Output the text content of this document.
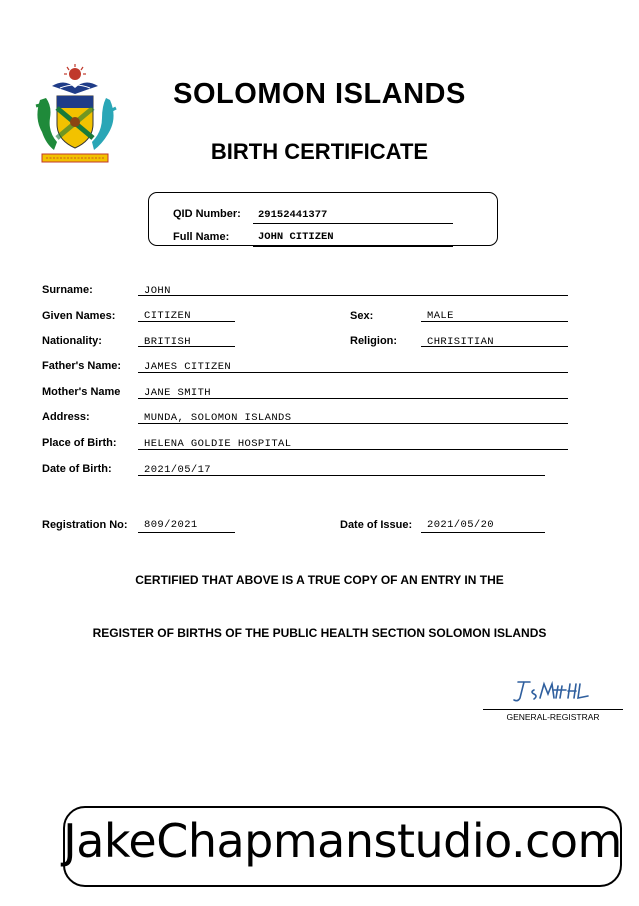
SOLOMON ISLANDS
BIRTH CERTIFICATE
QID Number: 29152441377
Full Name:	JOHN CITIZEN
Surname:	JOHN
Given Names:	CITIZEN	Sex:	MALE
Nationality:	BRITISH	Religion:	CHRISITIAN
Father's Name: JAMES CITIZEN
Mother's Name JANE SMITH
Address:	MUNDA, SOLOMON ISLANDS
Place of Birth:	HELENA GOLDIE HOSPITAL
Date of Birth:	2021/05/17
Registration No: 809/2021	Date of Issue: 2021/05/20
CERTIFIED THAT ABOVE IS A TRUE COPY OF AN ENTRY IN THE
REGISTER OF BIRTHS OF THE PUBLIC HEALTH SECTION SOLOMON ISLANDS
GENERAL-REGISTRAR
JakeChapmanstudio.com
